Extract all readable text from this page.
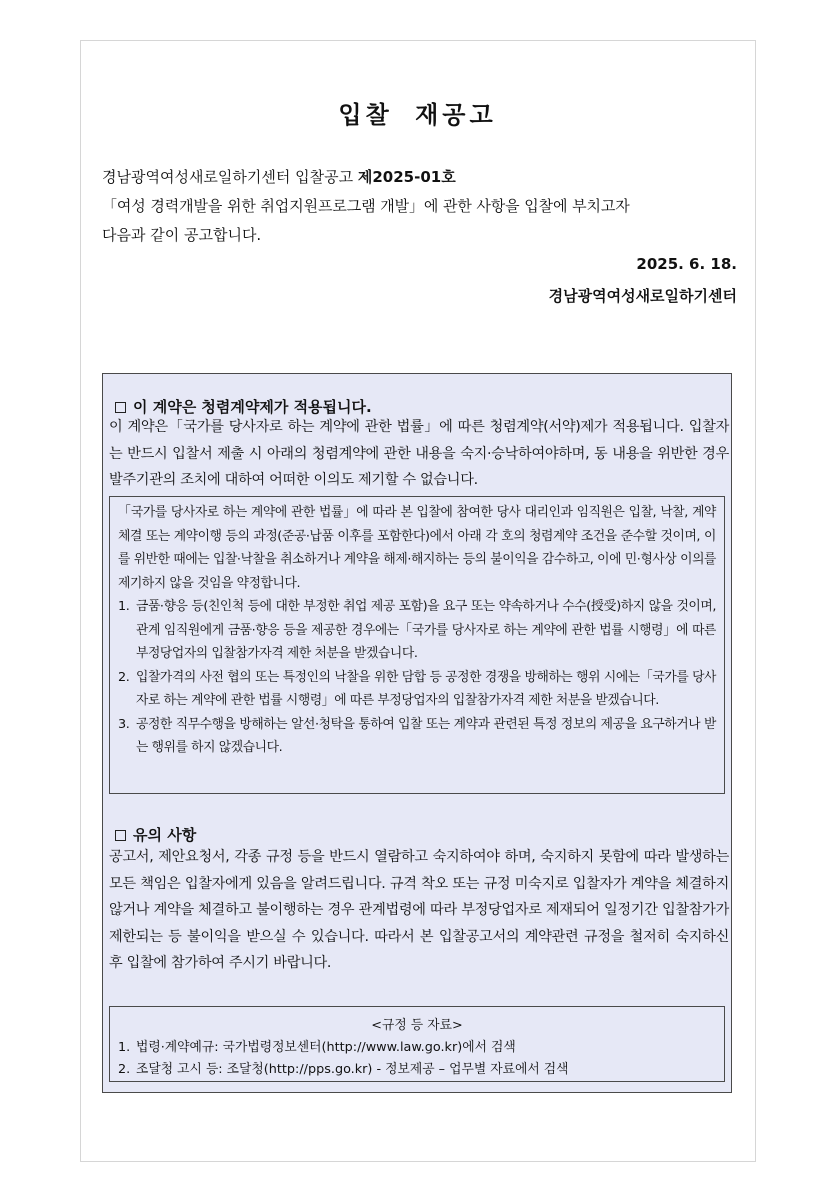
입찰 재공고
경남광역여성새로일하기센터 입찰공고 제2025-01호
「여성 경력개발을 위한 취업지원프로그램 개발」에 관한 사항을 입찰에 부치고자
다음과 같이 공고합니다.
2025. 6. 18.
경남광역여성새로일하기센터
이 계약은 청렴계약제가 적용됩니다.
이 계약은「국가를 당사자로 하는 계약에 관한 법률」에 따른 청렴계약(서약)제가 적용됩니다. 입찰자는 반드시 입찰서 제출 시 아래의 청렴계약에 관한 내용을 숙지·승낙하여야하며, 동 내용을 위반한 경우 발주기관의 조치에 대하여 어떠한 이의도 제기할 수 없습니다.
「국가를 당사자로 하는 계약에 관한 법률」에 따라 본 입찰에 참여한 당사 대리인과 임직원은 입찰, 낙찰, 계약체결 또는 계약이행 등의 과정(준공·납품 이후를 포함한다)에서 아래 각 호의 청렴계약 조건을 준수할 것이며, 이를 위반한 때에는 입찰·낙찰을 취소하거나 계약을 해제·해지하는 등의 불이익을 감수하고, 이에 민·형사상 이의를 제기하지 않을 것임을 약정합니다.
1. 금품·향응 등(친인척 등에 대한 부정한 취업 제공 포함)을 요구 또는 약속하거나 수수(授受)하지 않을 것이며, 관계 임직원에게 금품·향응 등을 제공한 경우에는「국가를 당사자로 하는 계약에 관한 법률 시행령」에 따른 부정당업자의 입찰참가자격 제한 처분을 받겠습니다.
2. 입찰가격의 사전 협의 또는 특정인의 낙찰을 위한 담합 등 공정한 경쟁을 방해하는 행위 시에는「국가를 당사자로 하는 계약에 관한 법률 시행령」에 따른 부정당업자의 입찰참가자격 제한 처분을 받겠습니다.
3. 공정한 직무수행을 방해하는 알선·청탁을 통하여 입찰 또는 계약과 관련된 특정 정보의 제공을 요구하거나 받는 행위를 하지 않겠습니다.
유의 사항
공고서, 제안요청서, 각종 규정 등을 반드시 열람하고 숙지하여야 하며, 숙지하지 못함에 따라 발생하는 모든 책임은 입찰자에게 있음을 알려드립니다. 규격 착오 또는 규정 미숙지로 입찰자가 계약을 체결하지 않거나 계약을 체결하고 불이행하는 경우 관계법령에 따라 부정당업자로 제재되어 일정기간 입찰참가가 제한되는 등 불이익을 받으실 수 있습니다. 따라서 본 입찰공고서의 계약관련 규정을 철저히 숙지하신 후 입찰에 참가하여 주시기 바랍니다.
<규정 등 자료>
1. 법령·계약예규: 국가법령정보센터(http://www.law.go.kr)에서 검색
2. 조달청 고시 등: 조달청(http://pps.go.kr) - 정보제공 – 업무별 자료에서 검색
